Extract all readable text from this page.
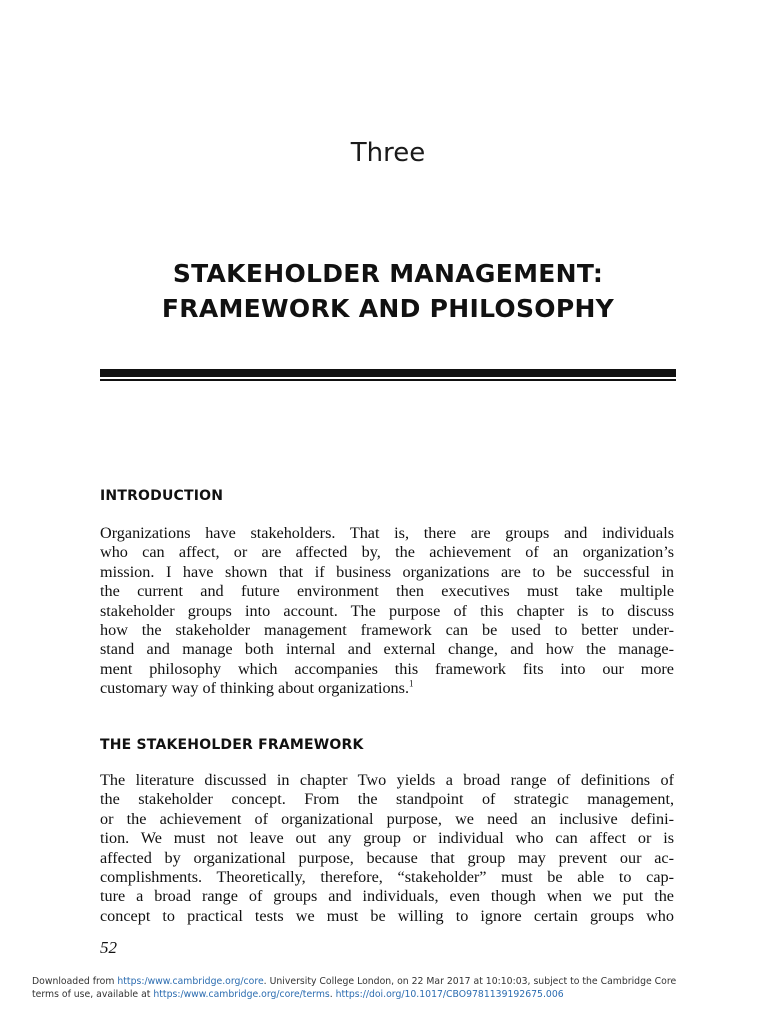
Three
STAKEHOLDER MANAGEMENT:
FRAMEWORK AND PHILOSOPHY
INTRODUCTION
Organizations have stakeholders. That is, there are groups and individuals
who can affect, or are affected by, the achievement of an organization’s
mission. I have shown that if business organizations are to be successful in
the current and future environment then executives must take multiple
stakeholder groups into account. The purpose of this chapter is to discuss
how the stakeholder management framework can be used to better under-
stand and manage both internal and external change, and how the manage-
ment philosophy which accompanies this framework fits into our more
customary way of thinking about organizations.$^1$
THE STAKEHOLDER FRAMEWORK
The literature discussed in chapter Two yields a broad range of definitions of
the stakeholder concept. From the standpoint of strategic management,
or the achievement of organizational purpose, we need an inclusive defini-
tion. We must not leave out any group or individual who can affect or is
affected by organizational purpose, because that group may prevent our ac-
complishments. Theoretically, therefore, “stakeholder” must be able to cap-
ture a broad range of groups and individuals, even though when we put the
concept to practical tests we must be willing to ignore certain groups who
52
Downloaded from https:/www.cambridge.org/core. University College London, on 22 Mar 2017 at 10:10:03, subject to the Cambridge Core
terms of use, available at https:/www.cambridge.org/core/terms. https://doi.org/10.1017/CBO9781139192675.006
